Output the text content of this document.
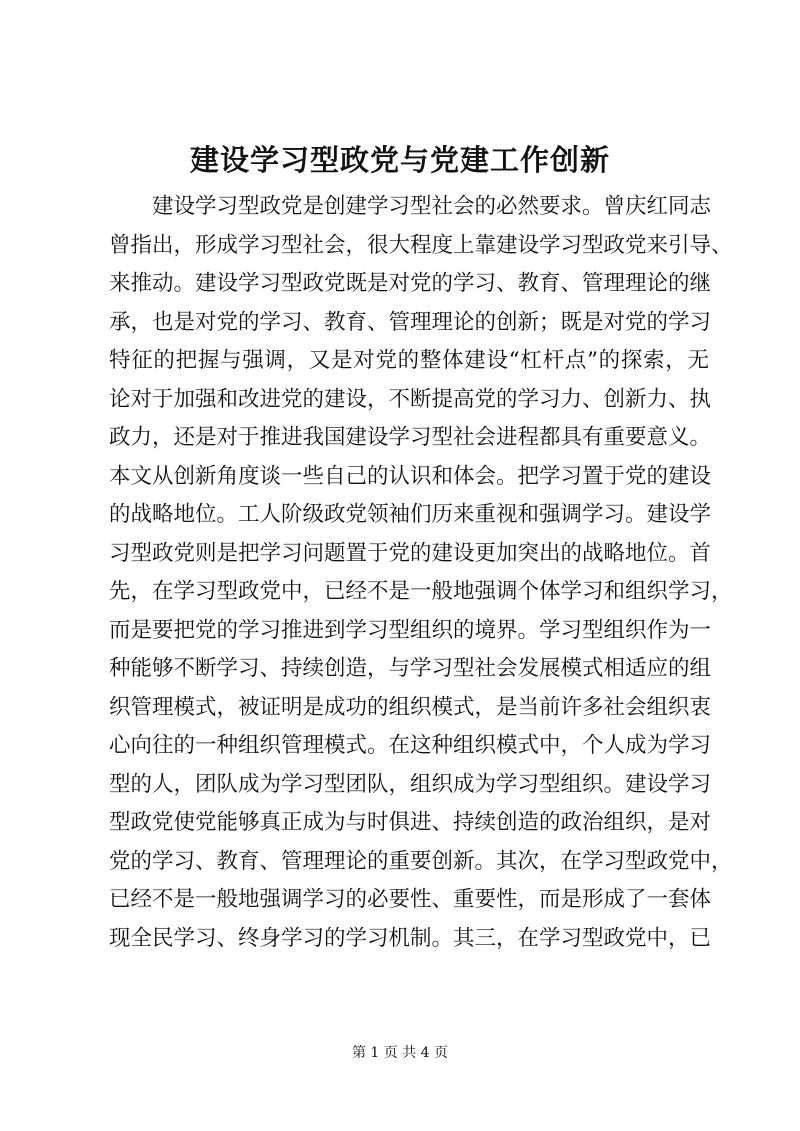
建设学习型政党与党建工作创新
　　建设学习型政党是创建学习型社会的必然要求。曾庆红同志
曾指出，形成学习型社会，很大程度上靠建设学习型政党来引导、
来推动。建设学习型政党既是对党的学习、教育、管理理论的继
承，也是对党的学习、教育、管理理论的创新；既是对党的学习
特征的把握与强调，又是对党的整体建设“杠杆点”的探索，无
论对于加强和改进党的建设，不断提高党的学习力、创新力、执
政力，还是对于推进我国建设学习型社会进程都具有重要意义。
本文从创新角度谈一些自己的认识和体会。把学习置于党的建设
的战略地位。工人阶级政党领袖们历来重视和强调学习。建设学
习型政党则是把学习问题置于党的建设更加突出的战略地位。首
先，在学习型政党中，已经不是一般地强调个体学习和组织学习，
而是要把党的学习推进到学习型组织的境界。学习型组织作为一
种能够不断学习、持续创造，与学习型社会发展模式相适应的组
织管理模式，被证明是成功的组织模式，是当前许多社会组织衷
心向往的一种组织管理模式。在这种组织模式中，个人成为学习
型的人，团队成为学习型团队，组织成为学习型组织。建设学习
型政党使党能够真正成为与时俱进、持续创造的政治组织，是对
党的学习、教育、管理理论的重要创新。其次，在学习型政党中，
已经不是一般地强调学习的必要性、重要性，而是形成了一套体
现全民学习、终身学习的学习机制。其三，在学习型政党中，已
第 1 页 共 4 页
